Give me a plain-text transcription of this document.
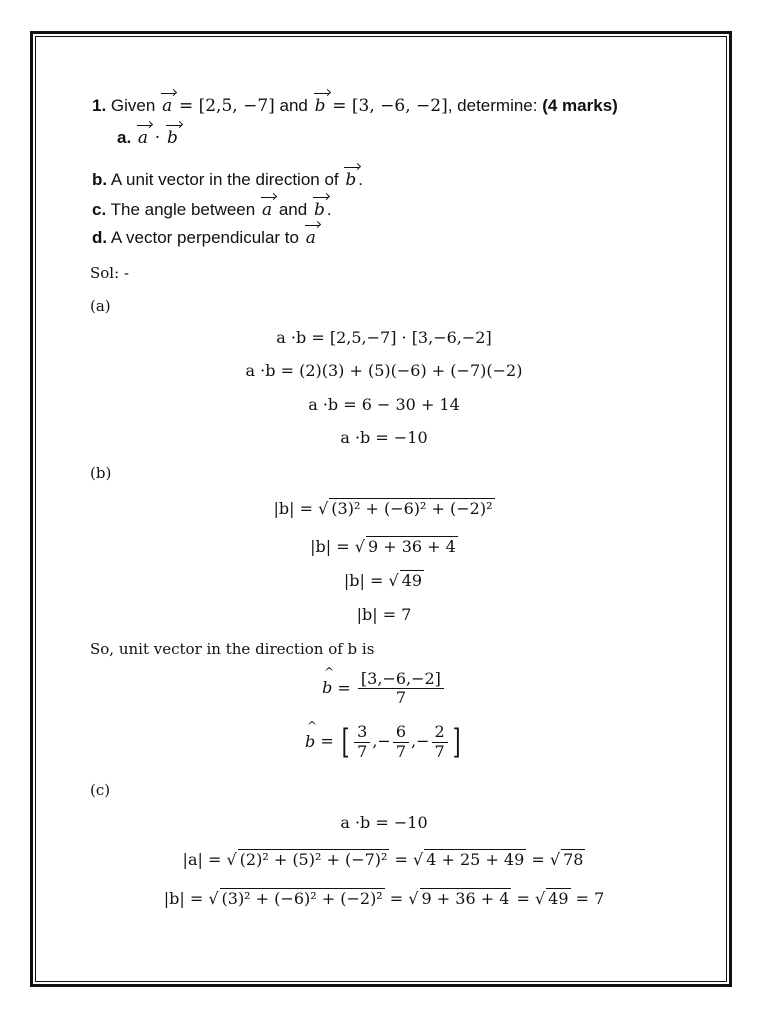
1. Given a = [2,5, −7] and b = [3, −6, −2], determine: (4 marks)
a. a · b
b. A unit vector in the direction of b .
c. The angle between a and b .
d. A vector perpendicular to a
Sol: -
(a)
a ·b = [2,5,−7] · [3,−6,−2]
a ·b = (2)(3) + (5)(−6) + (−7)(−2)
a ·b = 6 − 30 + 14
a ·b = −10
(b)
|b| = √ (3)² + (−6)² + (−2)²
|b| = √ 9 + 36 + 4
|b| = √ 49
|b| = 7
So, unit vector in the direction of b is
^ $b = \frac{[3,-6,-2]}{7}$
^ b = [ $\frac{3}{7}$ ,− $\frac{6}{7}$ ,− $\frac{2}{7}$ ]
(c)
a ·b = −10
|a| = √ (2)² + (5)² + (−7)² = √ 4 + 25 + 49 = √ 78
|b| = √ (3)² + (−6)² + (−2)² = √ 9 + 36 + 4 = √ 49 = 7
